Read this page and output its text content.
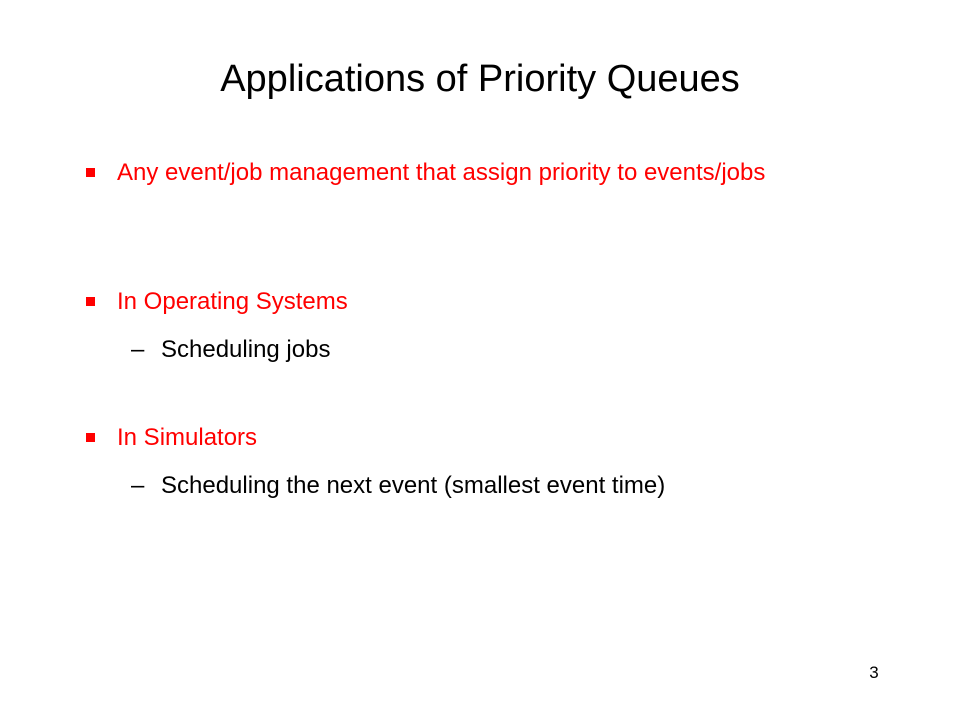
Applications of Priority Queues
Any event/job management that assign priority to events/jobs
In Operating Systems
– Scheduling jobs
In Simulators
– Scheduling the next event (smallest event time)
3
